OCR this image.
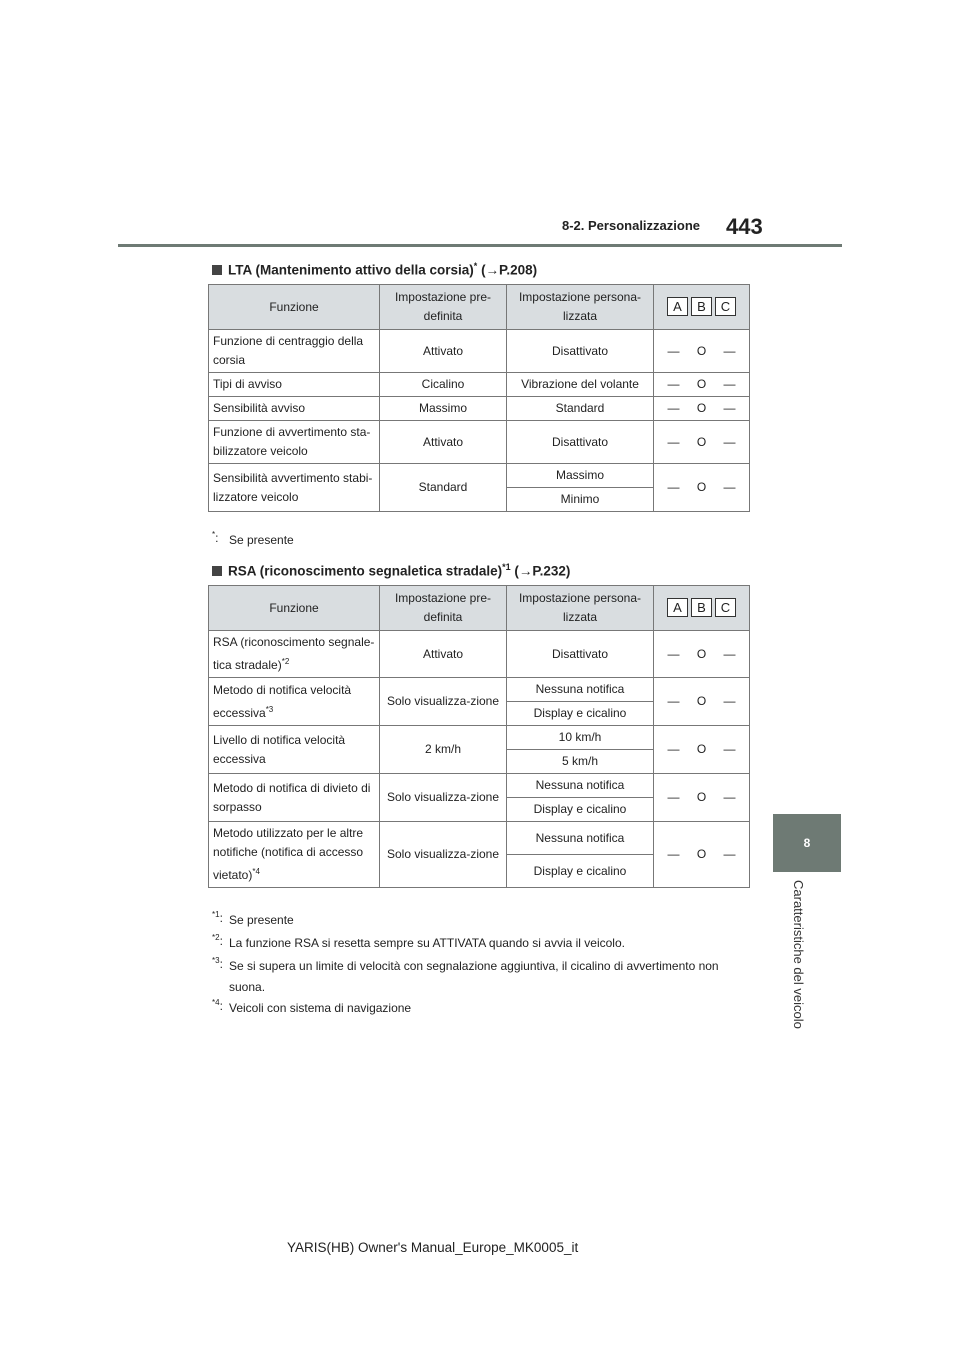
8-2. Personalizzazione 443
8
Caratteristiche del veicolo
LTA (Mantenimento attivo della corsia)* (→P.208)
Funzione	Impostazione pre-definita	Impostazione persona-lizzata	A B C

Funzione di centraggio della corsia	Attivato	Disattivato	— O —
Tipi di avviso	Cicalino	Vibrazione del volante	— O —
Sensibilità avviso	Massimo	Standard	— O —
Funzione di avvertimento sta-bilizzatore veicolo	Attivato	Disattivato	— O —
Sensibilità avvertimento stabi-lizzatore veicolo	Standard	Massimo	— O —
		Minimo	
*: Se presente
RSA (riconoscimento segnaletica stradale)$^{*1}$ (→P.232)
Funzione	Impostazione pre-definita	Impostazione persona-lizzata	A B C

RSA (riconoscimento segnale-tica stradale)$^{*2}$	Attivato	Disattivato	— O —
Metodo di notifica velocità eccessiva$^{*3}$	Solo visualizza-zione	Nessuna notifica	— O —
		Display e cicalino	
Livello di notifica velocità eccessiva	2 km/h	10 km/h	— O —
		5 km/h	
Metodo di notifica di divieto di sorpasso	Solo visualizza-zione	Nessuna notifica	— O —
		Display e cicalino	
Metodo utilizzato per le altre notifiche (notifica di accesso vietato)$^{*4}$	Solo visualizza-zione	Nessuna notifica	— O —
		Display e cicalino	
$^{*1}$: Se presente
$^{*2}$: La funzione RSA si resetta sempre su ATTIVATA quando si avvia il veicolo.
$^{*3}$: Se si supera un limite di velocità con segnalazione aggiuntiva, il cicalino di avvertimento non suona.
$^{*4}$: Veicoli con sistema di navigazione
YARIS(HB) Owner's Manual_Europe_MK0005_it
